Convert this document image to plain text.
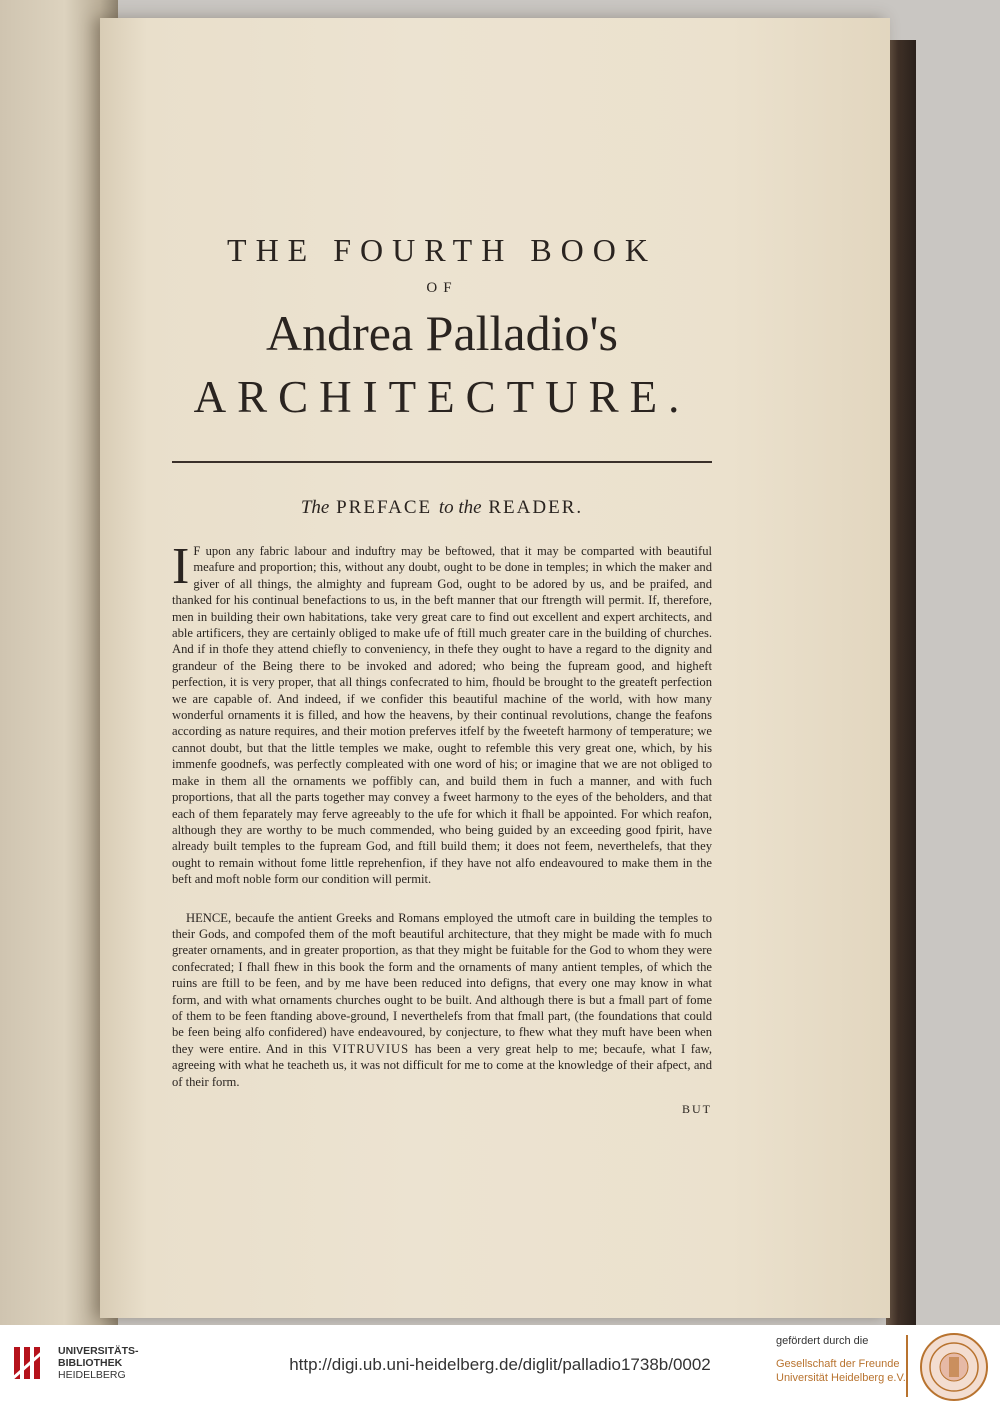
THE FOURTH BOOK
OF
Andrea Palladio's
ARCHITECTURE.
The PREFACE to the READER.

I F upon any fabric labour and induftry may be beftowed, that it may be comparted with beautiful meafure and proportion; this, without any doubt, ought to be done in temples; in which the maker and giver of all things, the almighty and fupream God, ought to be adored by us, and be praifed, and thanked for his continual benefactions to us, in the beft manner that our ftrength will permit. If, therefore, men in building their own habitations, take very great care to find out excellent and expert architects, and able artificers, they are certainly obliged to make ufe of ftill much greater care in the building of churches. And if in thofe they attend chiefly to conveniency, in thefe they ought to have a regard to the dignity and grandeur of the Being there to be invoked and adored; who being the fupream good, and higheft perfection, it is very proper, that all things confecrated to him, fhould be brought to the greateft perfection we are capable of. And indeed, if we confider this beautiful machine of the world, with how many wonderful ornaments it is filled, and how the heavens, by their continual revolutions, change the feafons according as nature requires, and their motion preferves itfelf by the fweeteft harmony of temperature; we cannot doubt, but that the little temples we make, ought to refemble this very great one, which, by his immenfe goodnefs, was perfectly compleated with one word of his; or imagine that we are not obliged to make in them all the ornaments we poffibly can, and build them in fuch a manner, and with fuch proportions, that all the parts together may convey a fweet harmony to the eyes of the beholders, and that each of them feparately may ferve agreeably to the ufe for which it fhall be appointed. For which reafon, although they are worthy to be much commended, who being guided by an exceeding good fpirit, have already built temples to the fupream God, and ftill build them; it does not feem, neverthelefs, that they ought to remain without fome little reprehenfion, if they have not alfo endeavoured to make them in the beft and moft noble form our condition will permit.

HENCE, becaufe the antient Greeks and Romans employed the utmoft care in building the temples to their Gods, and compofed them of the moft beautiful architecture, that they might be made with fo much greater ornaments, and in greater proportion, as that they might be fuitable for the God to whom they were confecrated; I fhall fhew in this book the form and the ornaments of many antient temples, of which the ruins are ftill to be feen, and by me have been reduced into defigns, that every one may know in what form, and with what ornaments churches ought to be built. And although there is but a fmall part of fome of them to be feen ftanding above-ground, I neverthelefs from that fmall part, (the foundations that could be feen being alfo confidered) have endeavoured, by conjecture, to fhew what they muft have been when they were entire. And in this VITRUVIUS has been a very great help to me; becaufe, what I faw, agreeing with what he teacheth us, it was not difficult for me to come at the knowledge of their afpect, and of their form.

BUT
UNIVERSITÄTS-
BIBLIOTHEK
HEIDELBERG
http://digi.ub.uni-heidelberg.de/diglit/palladio1738b/0002
gefördert durch die
Gesellschaft der Freunde
Universität Heidelberg e.V.
